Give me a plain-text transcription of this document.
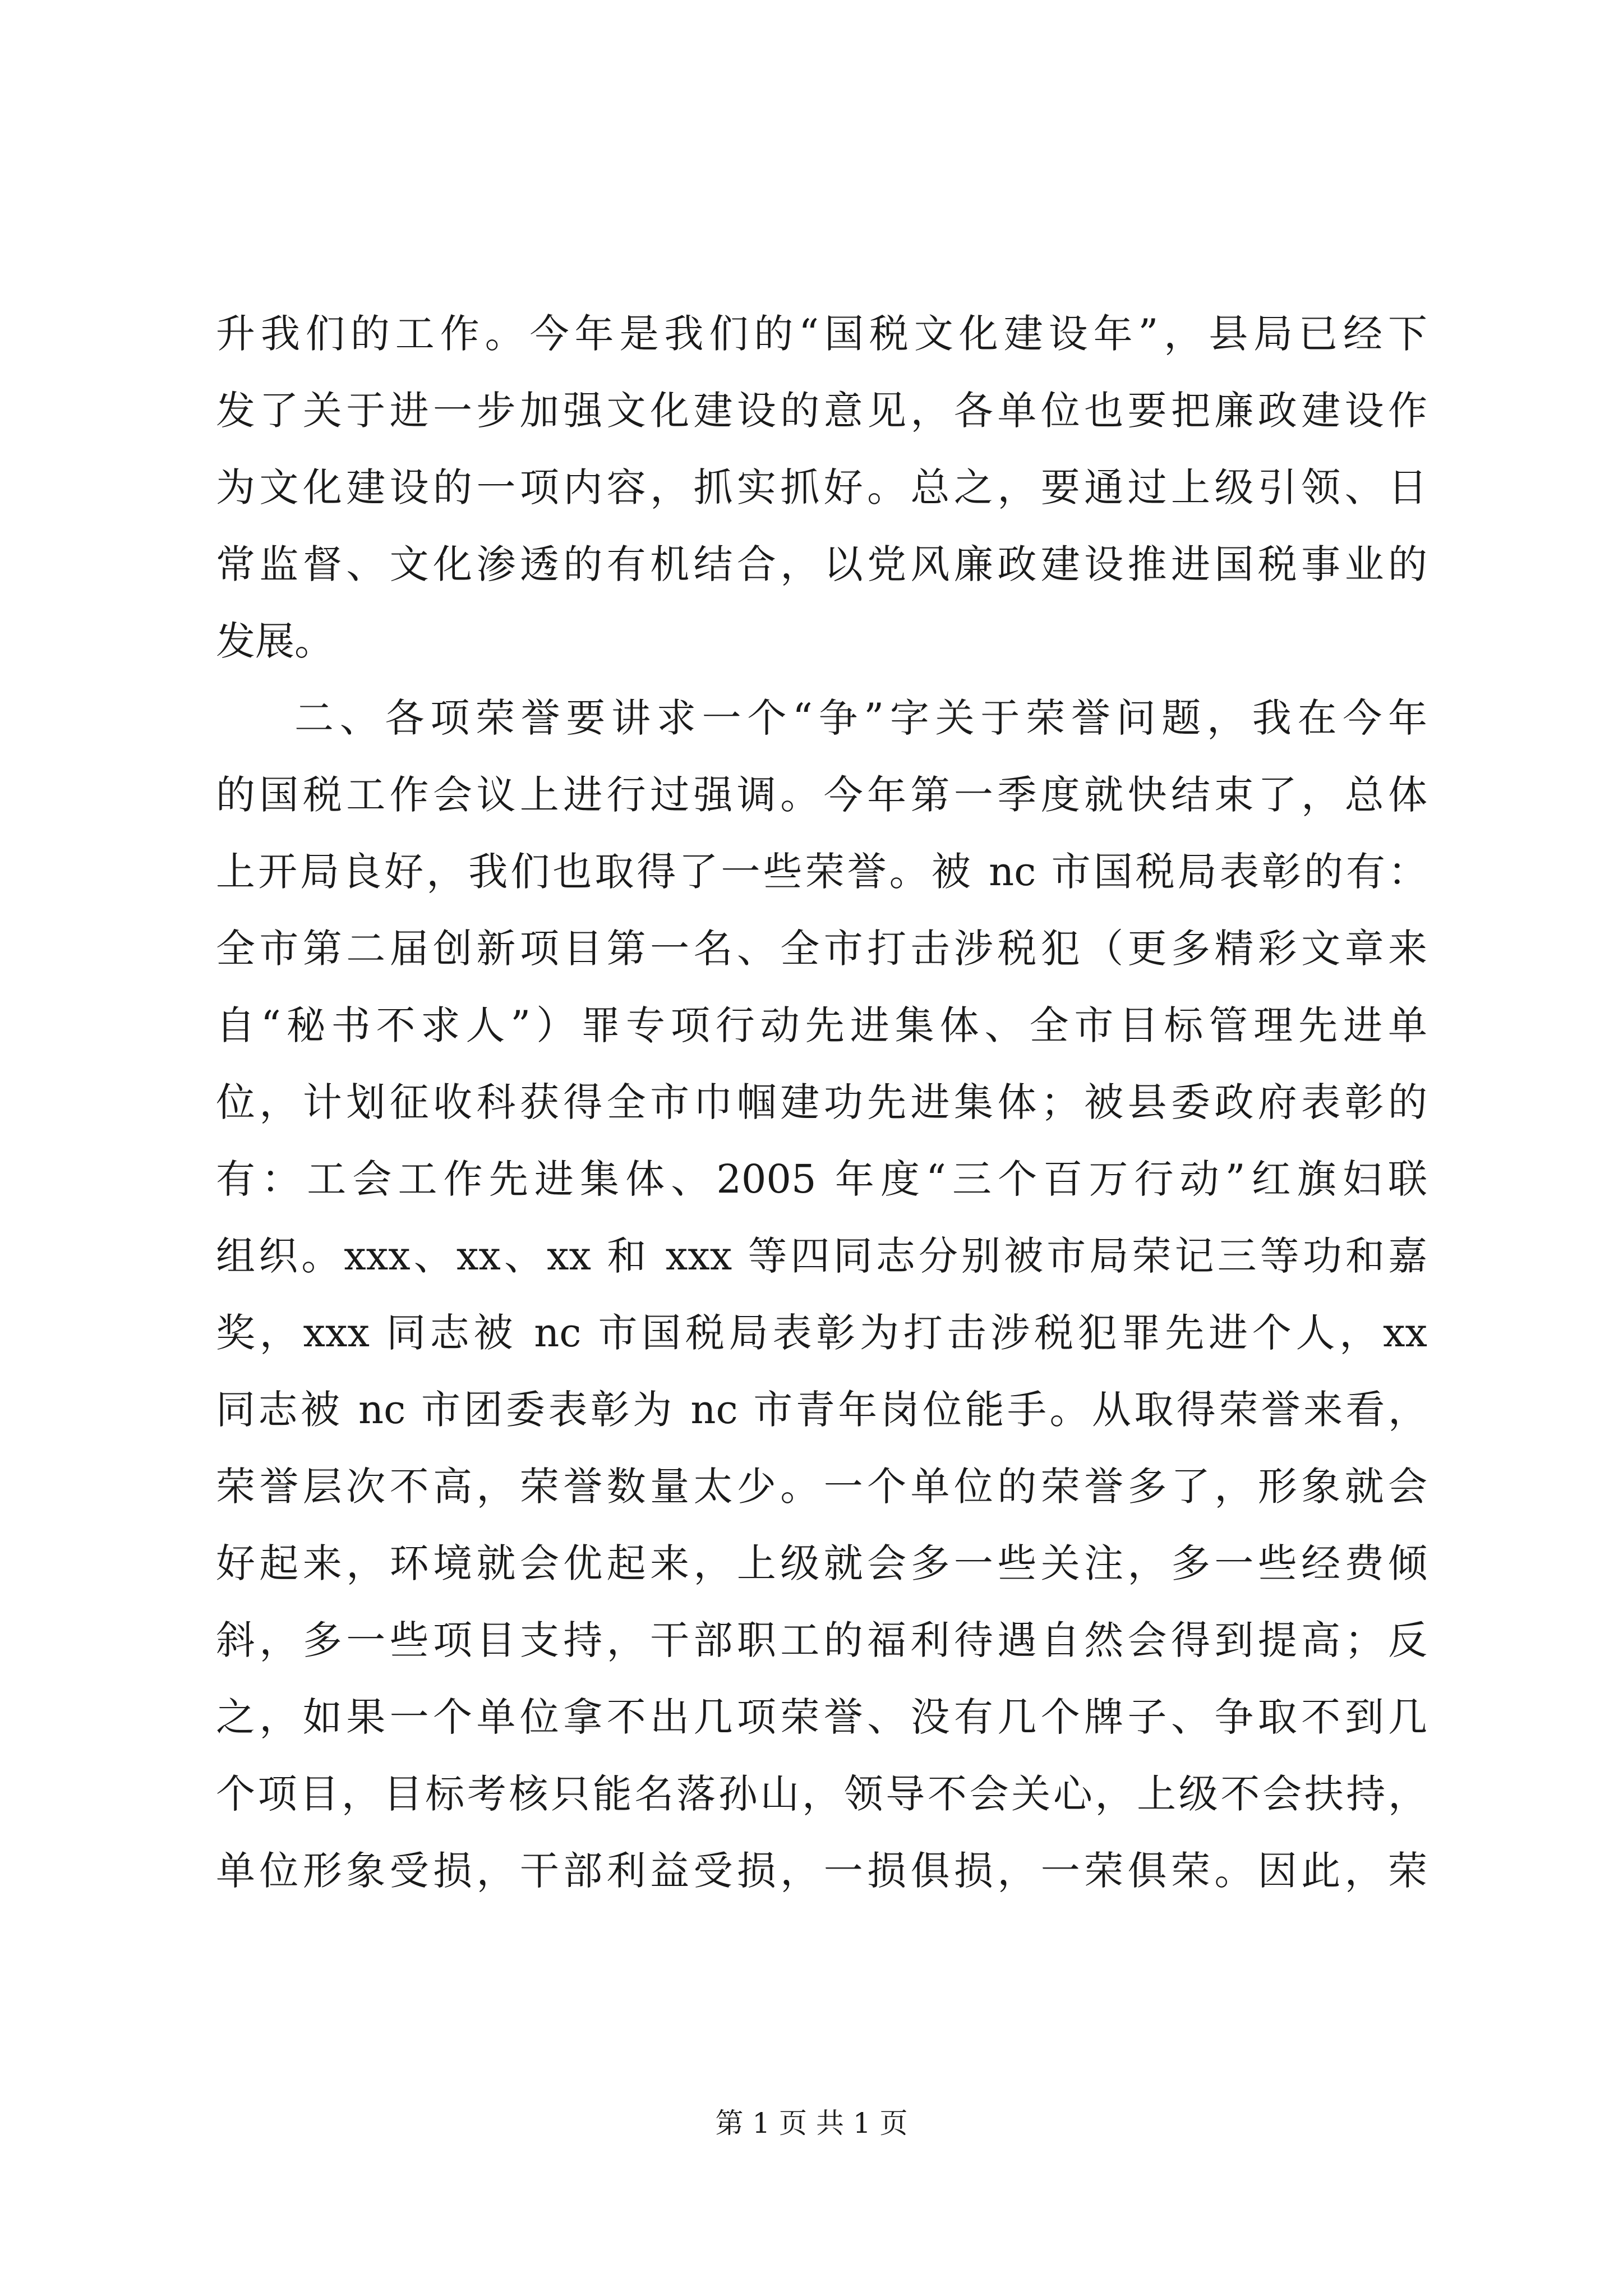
升我们的工作。今年是我们的“国税文化建设年”，县局已经下
发了关于进一步加强文化建设的意见，各单位也要把廉政建设作
为文化建设的一项内容，抓实抓好。总之，要通过上级引领、日
常监督、文化渗透的有机结合，以党风廉政建设推进国税事业的
发展。
二、各项荣誉要讲求一个“争”字关于荣誉问题，我在今年
的国税工作会议上进行过强调。今年第一季度就快结束了，总体
上开局良好，我们也取得了一些荣誉。被 nc 市国税局表彰的有：
全市第二届创新项目第一名、全市打击涉税犯（更多精彩文章来
自“秘书不求人”）罪专项行动先进集体、全市目标管理先进单
位，计划征收科获得全市巾帼建功先进集体；被县委政府表彰的
有：工会工作先进集体、2005 年度“三个百万行动”红旗妇联
组织。xxx、xx、xx 和 xxx 等四同志分别被市局荣记三等功和嘉
奖，xxx 同志被 nc 市国税局表彰为打击涉税犯罪先进个人，xx
同志被 nc 市团委表彰为 nc 市青年岗位能手。从取得荣誉来看，
荣誉层次不高，荣誉数量太少。一个单位的荣誉多了，形象就会
好起来，环境就会优起来，上级就会多一些关注，多一些经费倾
斜，多一些项目支持，干部职工的福利待遇自然会得到提高；反
之，如果一个单位拿不出几项荣誉、没有几个牌子、争取不到几
个项目，目标考核只能名落孙山，领导不会关心，上级不会扶持，
单位形象受损，干部利益受损，一损俱损，一荣俱荣。因此，荣
第 1 页 共 1 页
